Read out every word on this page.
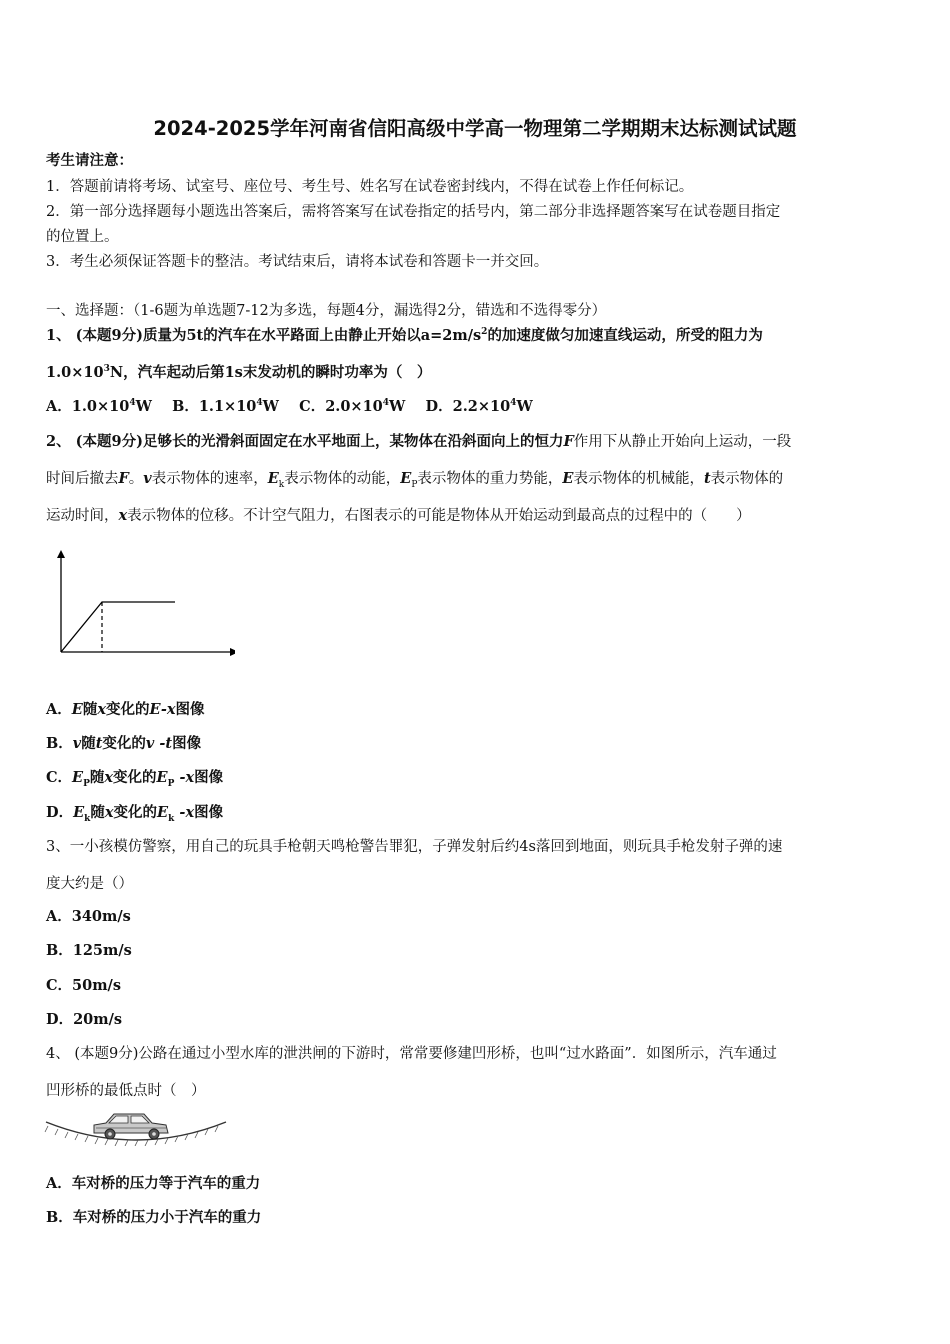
2024-2025学年河南省信阳高级中学高一物理第二学期期末达标测试试题
考生请注意：
1．答题前请将考场、试室号、座位号、考生号、姓名写在试卷密封线内，不得在试卷上作任何标记。
2．第一部分选择题每小题选出答案后，需将答案写在试卷指定的括号内，第二部分非选择题答案写在试卷题目指定
的位置上。
3．考生必须保证答题卡的整洁。考试结束后，请将本试卷和答题卡一并交回。
一、选择题：（1-6题为单选题7-12为多选，每题4分，漏选得2分，错选和不选得零分）
1、 (本题9分)质量为5t的汽车在水平路面上由静止开始以$a=2m/s^2$的加速度做匀加速直线运动，所受的阻力为
$1.0\times 10^3N$，汽车起动后第1s末发动机的瞬时功率为（　）
A．$1.0\times 10^4W$ B．$1.1\times 10^4W$ C．$2.0\times 10^4W$ D．$2.2\times 10^4W$
2、 (本题9分)足够长的光滑斜面固定在水平地面上，某物体在沿斜面向上的恒力F作用下从静止开始向上运动，一段
时间后撤去F。v表示物体的速率，$E_k$表示物体的动能，$E_P$表示物体的重力势能，E表示物体的机械能，t表示物体的
运动时间，x表示物体的位移。不计空气阻力，右图表示的可能是物体从开始运动到最高点的过程中的（　　）
A．E随x变化的E-x图像
B．v随t变化的v -t图像
C．$E_P$随x变化的$E_P$ -x图像
D．$E_k$随x变化的$E_k$ -x图像
3、一小孩模仿警察，用自己的玩具手枪朝天鸣枪警告罪犯，子弹发射后约4s落回到地面，则玩具手枪发射子弹的速
度大约是（）
A．340m/s
B．125m/s
C．50m/s
D．20m/s
4、 (本题9分)公路在通过小型水库的泄洪闸的下游时，常常要修建凹形桥，也叫“过水路面”．如图所示，汽车通过
凹形桥的最低点时（　）
A．车对桥的压力等于汽车的重力
B．车对桥的压力小于汽车的重力
